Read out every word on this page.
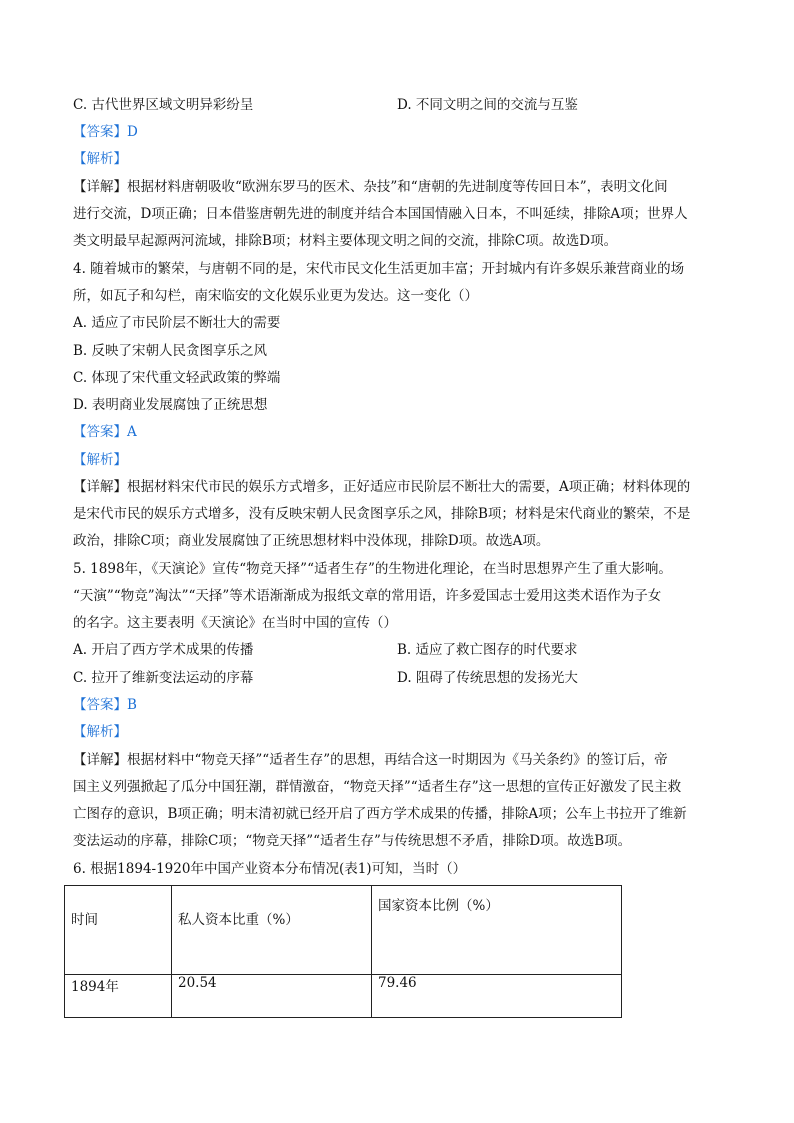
C. 古代世界区域文明异彩纷呈	D. 不同文明之间的交流与互鉴
【答案】D
【解析】
【详解】根据材料唐朝吸收“欧洲东罗马的医术、杂技”和“唐朝的先进制度等传回日本”，表明文化间
进行交流，D项正确；日本借鉴唐朝先进的制度并结合本国国情融入日本，不叫延续，排除A项；世界人
类文明最早起源两河流域，排除B项；材料主要体现文明之间的交流，排除C项。故选D项。
4. 随着城市的繁荣，与唐朝不同的是，宋代市民文化生活更加丰富；开封城内有许多娱乐兼营商业的场
所，如瓦子和勾栏，南宋临安的文化娱乐业更为发达。这一变化（）
A. 适应了市民阶层不断壮大的需要
B. 反映了宋朝人民贪图享乐之风
C. 体现了宋代重文轻武政策的弊端
D. 表明商业发展腐蚀了正统思想
【答案】A
【解析】
【详解】根据材料宋代市民的娱乐方式增多，正好适应市民阶层不断壮大的需要，A项正确；材料体现的
是宋代市民的娱乐方式增多，没有反映宋朝人民贪图享乐之风，排除B项；材料是宋代商业的繁荣，不是
政治，排除C项；商业发展腐蚀了正统思想材料中没体现，排除D项。故选A项。
5. 1898年，《天演论》宣传“物竞天择”“适者生存”的生物进化理论，在当时思想界产生了重大影响。
“天演”“物竞”淘汰”“天择”等术语渐渐成为报纸文章的常用语，许多爱国志士爱用这类术语作为子女
的名字。这主要表明《天演论》在当时中国的宣传（）
A. 开启了西方学术成果的传播	B. 适应了救亡图存的时代要求
C. 拉开了维新变法运动的序幕	D. 阻碍了传统思想的发扬光大
【答案】B
【解析】
【详解】根据材料中“物竞天择”“适者生存”的思想，再结合这一时期因为《马关条约》的签订后，帝
国主义列强掀起了瓜分中国狂潮，群情激奋，“物竞天择”“适者生存”这一思想的宣传正好激发了民主救
亡图存的意识，B项正确；明末清初就已经开启了西方学术成果的传播，排除A项；公车上书拉开了维新
变法运动的序幕，排除C项；“物竞天择”“适者生存”与传统思想不矛盾，排除D项。故选B项。
6. 根据1894-1920年中国产业资本分布情况(表1)可知，当时（）
时间	私人资本比重（%）	国家资本比例（%）
1894年	20.54	79.46
